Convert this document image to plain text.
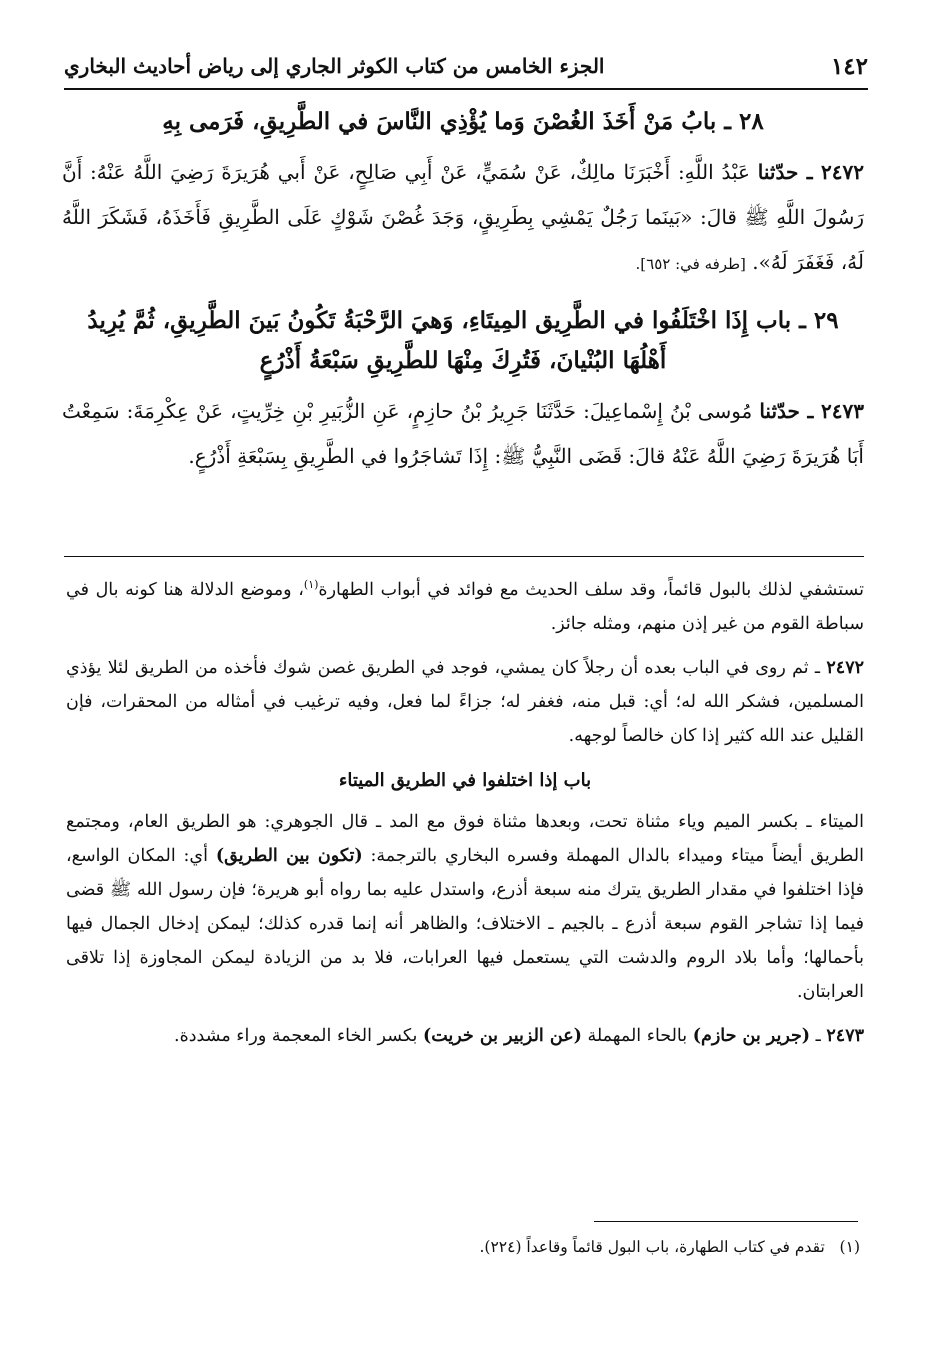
١٤٢
الجزء الخامس من كتاب الكوثر الجاري إلى رياض أحاديث البخاري
٢٨ ـ بابُ مَنْ أَخَذَ الغُصْنَ وَما يُؤْذِي النَّاسَ في الطَّرِيقِ، فَرَمى بِهِ

٢٤٧٢ ـ حدّثنا عَبْدُ اللَّهِ: أَخْبَرَنَا مالِكٌ، عَنْ سُمَيٍّ، عَنْ أَبِي صَالِحٍ، عَنْ أَبي هُرَيرَةَ رَضِيَ اللَّهُ عَنْهُ: أَنَّ رَسُولَ اللَّهِ ﷺ قالَ: «بَينَما رَجُلٌ يَمْشِي بِطَرِيقٍ، وَجَدَ غُصْنَ شَوْكٍ عَلَى الطَّرِيقِ فَأَخَذَهُ، فَشَكَرَ اللَّهُ لَهُ، فَغَفَرَ لَهُ». [طرفه في: ٦٥٢].

٢٩ ـ باب إِذَا اخْتَلَفُوا في الطَّرِيق المِيتَاءِ، وَهيَ الرَّحْبَةُ تَكُونُ بَينَ الطَّرِيقِ، ثُمَّ يُرِيدُ أَهْلُهَا البُنْيانَ، فَتُرِكَ مِنْهَا للطَّرِيقِ سَبْعَةُ أَذْرُعٍ

٢٤٧٣ ـ حدّثنا مُوسى بْنُ إِسْماعِيلَ: حَدَّثَنَا جَرِيرُ بْنُ حازِمٍ، عَنِ الزُّبَيرِ بْنِ خِرِّيتٍ، عَنْ عِكْرِمَةَ: سَمِعْتُ أَبَا هُرَيرَةَ رَضِيَ اللَّهُ عَنْهُ قالَ: قَضَى النَّبِيُّ ﷺ: إِذَا تَشاجَرُوا في الطَّرِيقِ بِسَبْعَةِ أَذْرُعٍ.

تستشفي لذلك بالبول قائماً، وقد سلف الحديث مع فوائد في أبواب الطهارة$^{(١)}$، وموضع الدلالة هنا كونه بال في سباطة القوم من غير إذن منهم، ومثله جائز.

٢٤٧٢ ـ ثم روى في الباب بعده أن رجلاً كان يمشي، فوجد في الطريق غصن شوك فأخذه من الطريق لئلا يؤذي المسلمين، فشكر الله له؛ أي: قبل منه، فغفر له؛ جزاءً لما فعل، وفيه ترغيب في أمثاله من المحقرات، فإن القليل عند الله كثير إذا كان خالصاً لوجهه.

باب إذا اختلفوا في الطريق الميتاء

الميتاء ـ بكسر الميم وياء مثناة تحت، وبعدها مثناة فوق مع المد ـ قال الجوهري: هو الطريق العام، ومجتمع الطريق أيضاً ميتاء وميداء بالدال المهملة وفسره البخاري بالترجمة: (تكون بين الطريق) أي: المكان الواسع، فإذا اختلفوا في مقدار الطريق يترك منه سبعة أذرع، واستدل عليه بما رواه أبو هريرة؛ فإن رسول الله ﷺ قضى فيما إذا تشاجر القوم سبعة أذرع ـ بالجيم ـ الاختلاف؛ والظاهر أنه إنما قدره كذلك؛ ليمكن إدخال الجمال فيها بأحمالها؛ وأما بلاد الروم والدشت التي يستعمل فيها العرابات، فلا بد من الزيادة ليمكن المجاوزة إذا تلاقى العرابتان.

٢٤٧٣ ـ (جرير بن حازم) بالحاء المهملة (عن الزبير بن خريت) بكسر الخاء المعجمة وراء مشددة.

(١)   تقدم في كتاب الطهارة، باب البول قائماً وقاعداً (٢٢٤).
